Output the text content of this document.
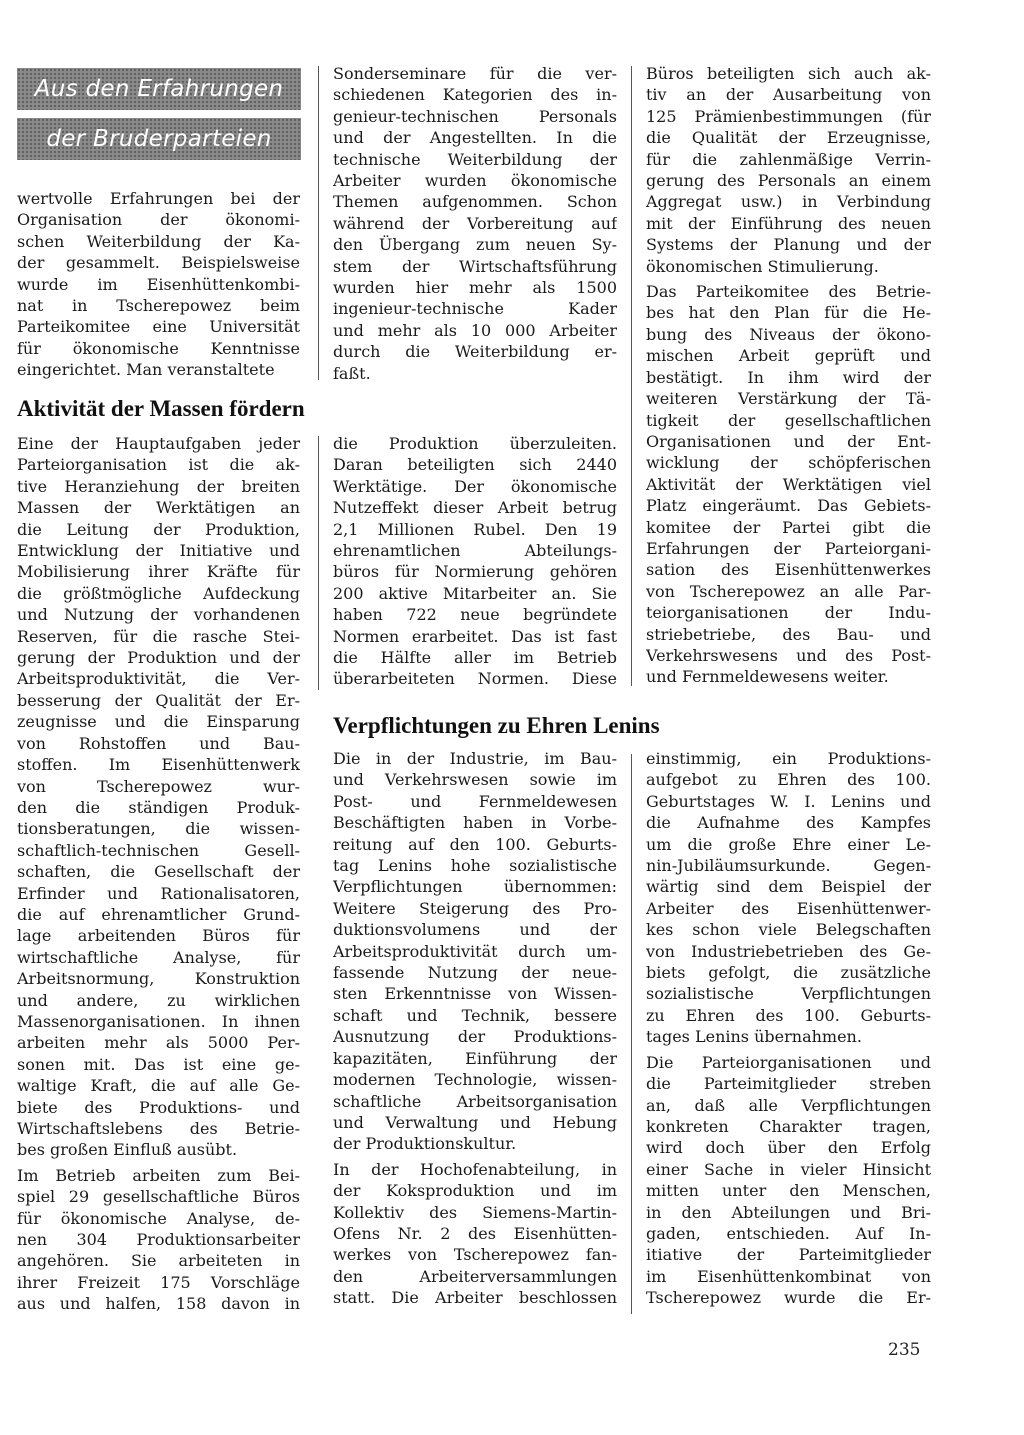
Aus den Erfahrungen
der Bruderparteien

wertvolle Erfahrungen bei der
Organisation der ökonomi-
schen Weiterbildung der Ka-
der gesammelt. Beispielsweise
wurde im Eisenhüttenkombi-
nat in Tscherepowez beim
Parteikomitee eine Universität
für ökonomische Kenntnisse
eingerichtet. Man veranstaltete

Sonderseminare für die ver-
schiedenen Kategorien des in-
genieur-technischen Personals
und der Angestellten. In die
technische Weiterbildung der
Arbeiter wurden ökonomische
Themen aufgenommen. Schon
während der Vorbereitung auf
den Übergang zum neuen Sy-
stem der Wirtschaftsführung
wurden hier mehr als 1500
ingenieur-technische Kader
und mehr als 10 000 Arbeiter
durch die Weiterbildung er-
faßt.

Büros beteiligten sich auch ak-
tiv an der Ausarbeitung von
125 Prämienbestimmungen (für
die Qualität der Erzeugnisse,
für die zahlenmäßige Verrin-
gerung des Personals an einem
Aggregat usw.) in Verbindung
mit der Einführung des neuen
Systems der Planung und der
ökonomischen Stimulierung.

Das Parteikomitee des Betrie-
bes hat den Plan für die He-
bung des Niveaus der ökono-
mischen Arbeit geprüft und
bestätigt. In ihm wird der
weiteren Verstärkung der Tä-
tigkeit der gesellschaftlichen
Organisationen und der Ent-
wicklung der schöpferischen
Aktivität der Werktätigen viel
Platz eingeräumt. Das Gebiets-
komitee der Partei gibt die
Erfahrungen der Parteiorgani-
sation des Eisenhüttenwerkes
von Tscherepowez an alle Par-
teiorganisationen der Indu-
striebetriebe, des Bau- und
Verkehrswesens und des Post-
und Fernmeldewesens weiter.

Aktivität der Massen fördern

Eine der Hauptaufgaben jeder
Parteiorganisation ist die ak-
tive Heranziehung der breiten
Massen der Werktätigen an
die Leitung der Produktion,
Entwicklung der Initiative und
Mobilisierung ihrer Kräfte für
die größtmögliche Aufdeckung
und Nutzung der vorhandenen
Reserven, für die rasche Stei-
gerung der Produktion und der
Arbeitsproduktivität, die Ver-
besserung der Qualität der Er-
zeugnisse und die Einsparung
von Rohstoffen und Bau-
stoffen. Im Eisenhüttenwerk
von Tscherepowez wur-
den die ständigen Produk-
tionsberatungen, die wissen-
schaftlich-technischen Gesell-
schaften, die Gesellschaft der
Erfinder und Rationalisatoren,
die auf ehrenamtlicher Grund-
lage arbeitenden Büros für
wirtschaftliche Analyse, für
Arbeitsnormung, Konstruktion
und andere, zu wirklichen
Massenorganisationen. In ihnen
arbeiten mehr als 5000 Per-
sonen mit. Das ist eine ge-
waltige Kraft, die auf alle Ge-
biete des Produktions- und
Wirtschaftslebens des Betrie-
bes großen Einfluß ausübt.

Im Betrieb arbeiten zum Bei-
spiel 29 gesellschaftliche Büros
für ökonomische Analyse, de-
nen 304 Produktionsarbeiter
angehören. Sie arbeiteten in
ihrer Freizeit 175 Vorschläge
aus und halfen, 158 davon in

die Produktion überzuleiten.
Daran beteiligten sich 2440
Werktätige. Der ökonomische
Nutzeffekt dieser Arbeit betrug
2,1 Millionen Rubel. Den 19
ehrenamtlichen Abteilungs-
büros für Normierung gehören
200 aktive Mitarbeiter an. Sie
haben 722 neue begründete
Normen erarbeitet. Das ist fast
die Hälfte aller im Betrieb
überarbeiteten Normen. Diese

Verpflichtungen zu Ehren Lenins

Die in der Industrie, im Bau-
und Verkehrswesen sowie im
Post- und Fernmeldewesen
Beschäftigten haben in Vorbe-
reitung auf den 100. Geburts-
tag Lenins hohe sozialistische
Verpflichtungen übernommen:
Weitere Steigerung des Pro-
duktionsvolumens und der
Arbeitsproduktivität durch um-
fassende Nutzung der neue-
sten Erkenntnisse von Wissen-
schaft und Technik, bessere
Ausnutzung der Produktions-
kapazitäten, Einführung der
modernen Technologie, wissen-
schaftliche Arbeitsorganisation
und Verwaltung und Hebung
der Produktionskultur.

In der Hochofenabteilung, in
der Koksproduktion und im
Kollektiv des Siemens-Martin-
Ofens Nr. 2 des Eisenhütten-
werkes von Tscherepowez fan-
den Arbeiterversammlungen
statt. Die Arbeiter beschlossen

einstimmig, ein Produktions-
aufgebot zu Ehren des 100.
Geburtstages W. I. Lenins und
die Aufnahme des Kampfes
um die große Ehre einer Le-
nin-Jubiläumsurkunde. Gegen-
wärtig sind dem Beispiel der
Arbeiter des Eisenhüttenwer-
kes schon viele Belegschaften
von Industriebetrieben des Ge-
biets gefolgt, die zusätzliche
sozialistische Verpflichtungen
zu Ehren des 100. Geburts-
tages Lenins übernahmen.

Die Parteiorganisationen und
die Parteimitglieder streben
an, daß alle Verpflichtungen
konkreten Charakter tragen,
wird doch über den Erfolg
einer Sache in vieler Hinsicht
mitten unter den Menschen,
in den Abteilungen und Bri-
gaden, entschieden. Auf In-
itiative der Parteimitglieder
im Eisenhüttenkombinat von
Tscherepowez wurde die Er-

235
